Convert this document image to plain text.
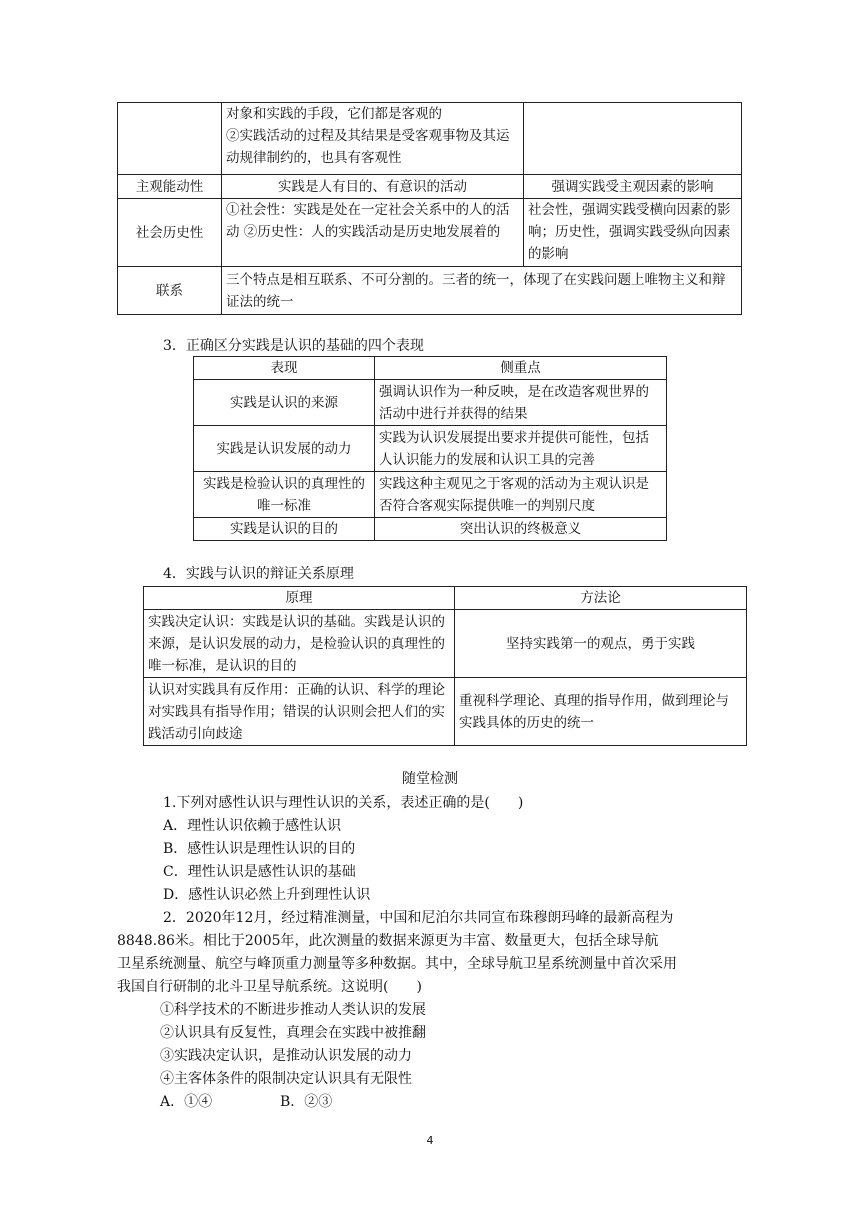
	对象和实践的手段，它们都是客观的
②实践活动的过程及其结果是受客观事物及其运动规律制约的，也具有客观性	
主观能动性	实践是人有目的、有意识的活动	强调实践受主观因素的影响
社会历史性	①社会性：实践是处在一定社会关系中的人的活动 ②历史性：人的实践活动是历史地发展着的	社会性，强调实践受横向因素的影响；历史性，强调实践受纵向因素的影响
联系	三个特点是相互联系、不可分割的。三者的统一，体现了在实践问题上唯物主义和辩证法的统一	
3．正确区分实践是认识的基础的四个表现
表现	侧重点
实践是认识的来源	强调认识作为一种反映，是在改造客观世界的活动中进行并获得的结果
实践是认识发展的动力	实践为认识发展提出要求并提供可能性，包括人认识能力的发展和认识工具的完善
实践是检验认识的真理性的唯一标准	实践这种主观见之于客观的活动为主观认识是否符合客观实际提供唯一的判别尺度
实践是认识的目的	突出认识的终极意义
4．实践与认识的辩证关系原理
原理	方法论
实践决定认识：实践是认识的基础。实践是认识的来源，是认识发展的动力，是检验认识的真理性的唯一标准，是认识的目的	坚持实践第一的观点，勇于实践
认识对实践具有反作用：正确的认识、科学的理论对实践具有指导作用；错误的认识则会把人们的实践活动引向歧途	重视科学理论、真理的指导作用，做到理论与实践具体的历史的统一
随堂检测
1.下列对感性认识与理性认识的关系，表述正确的是(　　)
A．理性认识依赖于感性认识
B．感性认识是理性认识的目的
C．理性认识是感性认识的基础
D．感性认识必然上升到理性认识
2．2020年12月，经过精准测量，中国和尼泊尔共同宣布珠穆朗玛峰的最新高程为
8848.86米。相比于2005年，此次测量的数据来源更为丰富、数量更大，包括全球导航
卫星系统测量、航空与峰顶重力测量等多种数据。其中，全球导航卫星系统测量中首次采用
我国自行研制的北斗卫星导航系统。这说明(　　)
①科学技术的不断进步推动人类认识的发展
②认识具有反复性，真理会在实践中被推翻
③实践决定认识，是推动认识发展的动力
④主客体条件的限制决定认识具有无限性
A．①④	B．②③
4
